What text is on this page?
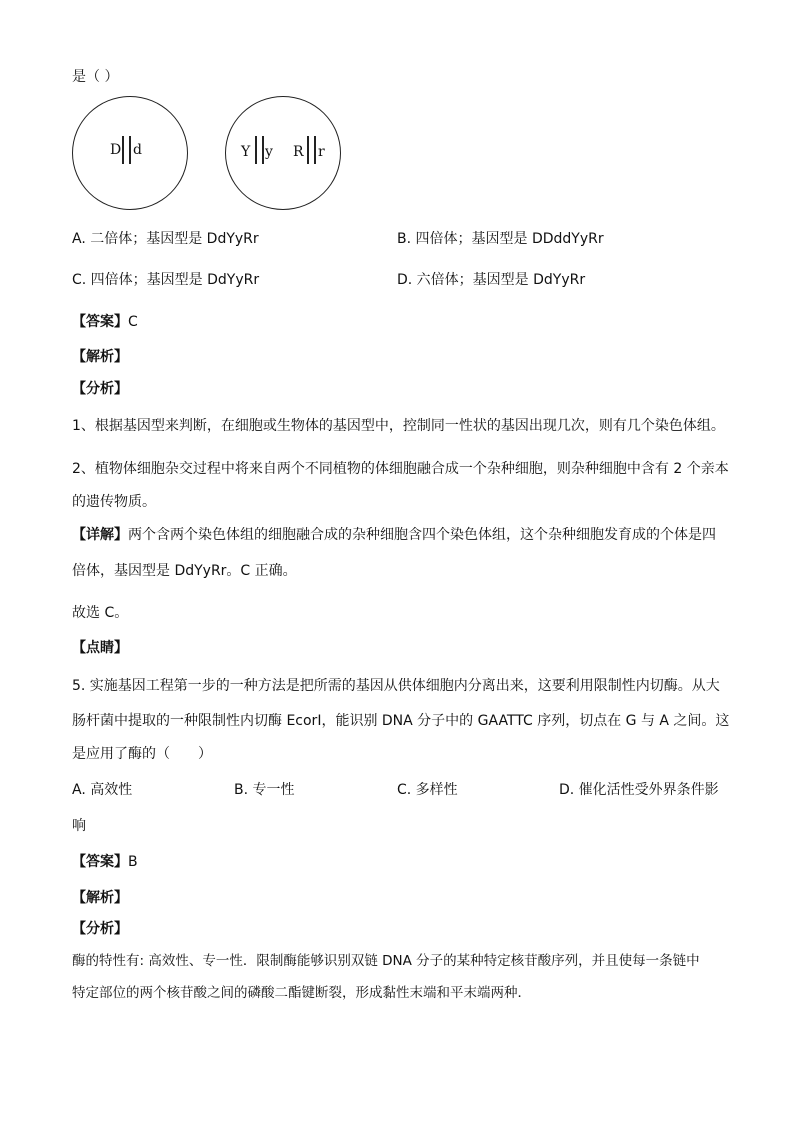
是（ ）
D d	Y y R r
A. 二倍体；基因型是 DdYyRr	B. 四倍体；基因型是 DDddYyRr
C. 四倍体；基因型是 DdYyRr	D. 六倍体；基因型是 DdYyRr
【答案】C
【解析】
【分析】
1、根据基因型来判断，在细胞或生物体的基因型中，控制同一性状的基因出现几次，则有几个染色体组。
2、植物体细胞杂交过程中将来自两个不同植物的体细胞融合成一个杂种细胞，则杂种细胞中含有 2 个亲本
的遗传物质。
【详解】两个含两个染色体组的细胞融合成的杂种细胞含四个染色体组，这个杂种细胞发育成的个体是四
倍体，基因型是 DdYyRr。C 正确。
故选 C。
【点睛】
5. 实施基因工程第一步的一种方法是把所需的基因从供体细胞内分离出来，这要利用限制性内切酶。从大
肠杆菌中提取的一种限制性内切酶 EcorI，能识别 DNA 分子中的 GAATTC 序列，切点在 G 与 A 之间。这
是应用了酶的（　　）
A. 高效性	B. 专一性	C. 多样性	D. 催化活性受外界条件影
响
【答案】B
【解析】
【分析】
酶的特性有: 高效性、专一性．限制酶能够识别双链 DNA 分子的某种特定核苷酸序列，并且使每一条链中
特定部位的两个核苷酸之间的磷酸二酯键断裂，形成黏性末端和平末端两种．
